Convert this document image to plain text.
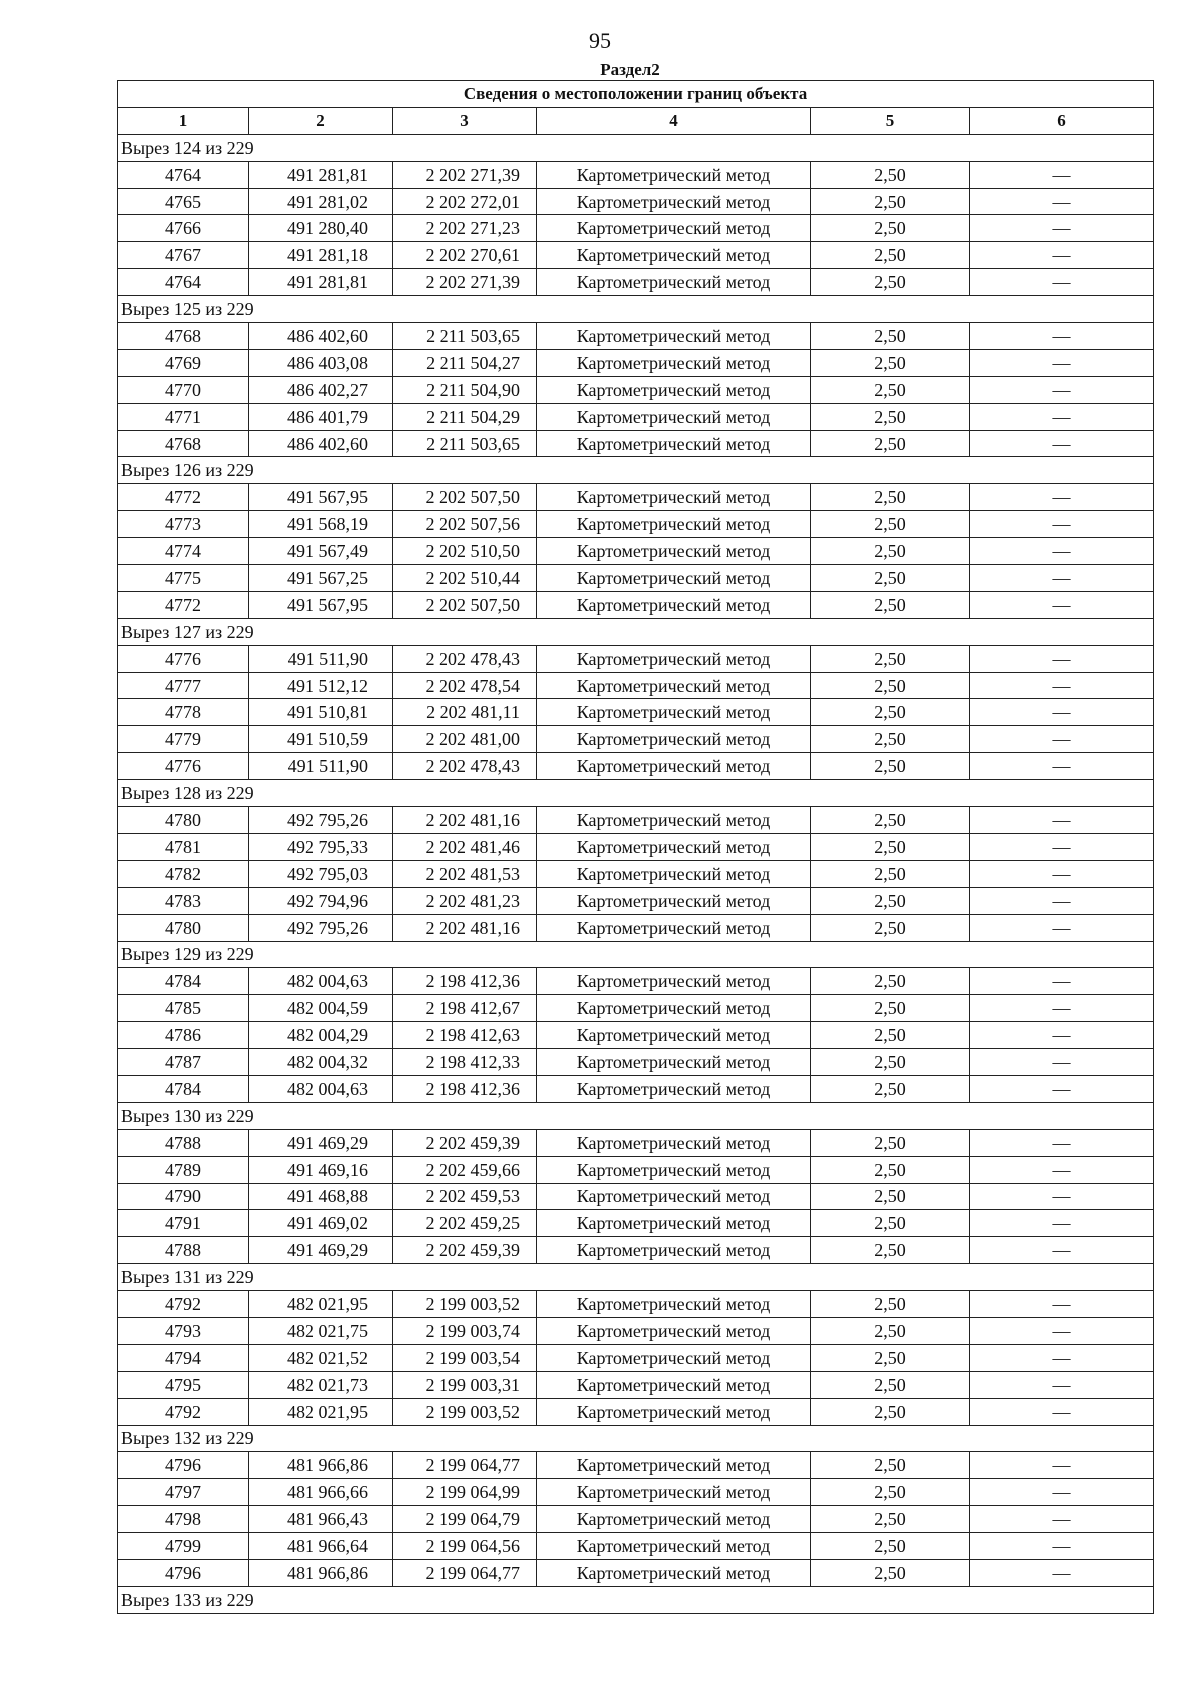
95
Раздел2
Сведения о местоположении границ объекта					
1	2	3	4	5	6
Вырез 124 из 229					
4764	491 281,81	2 202 271,39	Картометрический метод	2,50	—
4765	491 281,02	2 202 272,01	Картометрический метод	2,50	—
4766	491 280,40	2 202 271,23	Картометрический метод	2,50	—
4767	491 281,18	2 202 270,61	Картометрический метод	2,50	—
4764	491 281,81	2 202 271,39	Картометрический метод	2,50	—
Вырез 125 из 229					
4768	486 402,60	2 211 503,65	Картометрический метод	2,50	—
4769	486 403,08	2 211 504,27	Картометрический метод	2,50	—
4770	486 402,27	2 211 504,90	Картометрический метод	2,50	—
4771	486 401,79	2 211 504,29	Картометрический метод	2,50	—
4768	486 402,60	2 211 503,65	Картометрический метод	2,50	—
Вырез 126 из 229					
4772	491 567,95	2 202 507,50	Картометрический метод	2,50	—
4773	491 568,19	2 202 507,56	Картометрический метод	2,50	—
4774	491 567,49	2 202 510,50	Картометрический метод	2,50	—
4775	491 567,25	2 202 510,44	Картометрический метод	2,50	—
4772	491 567,95	2 202 507,50	Картометрический метод	2,50	—
Вырез 127 из 229					
4776	491 511,90	2 202 478,43	Картометрический метод	2,50	—
4777	491 512,12	2 202 478,54	Картометрический метод	2,50	—
4778	491 510,81	2 202 481,11	Картометрический метод	2,50	—
4779	491 510,59	2 202 481,00	Картометрический метод	2,50	—
4776	491 511,90	2 202 478,43	Картометрический метод	2,50	—
Вырез 128 из 229					
4780	492 795,26	2 202 481,16	Картометрический метод	2,50	—
4781	492 795,33	2 202 481,46	Картометрический метод	2,50	—
4782	492 795,03	2 202 481,53	Картометрический метод	2,50	—
4783	492 794,96	2 202 481,23	Картометрический метод	2,50	—
4780	492 795,26	2 202 481,16	Картометрический метод	2,50	—
Вырез 129 из 229					
4784	482 004,63	2 198 412,36	Картометрический метод	2,50	—
4785	482 004,59	2 198 412,67	Картометрический метод	2,50	—
4786	482 004,29	2 198 412,63	Картометрический метод	2,50	—
4787	482 004,32	2 198 412,33	Картометрический метод	2,50	—
4784	482 004,63	2 198 412,36	Картометрический метод	2,50	—
Вырез 130 из 229					
4788	491 469,29	2 202 459,39	Картометрический метод	2,50	—
4789	491 469,16	2 202 459,66	Картометрический метод	2,50	—
4790	491 468,88	2 202 459,53	Картометрический метод	2,50	—
4791	491 469,02	2 202 459,25	Картометрический метод	2,50	—
4788	491 469,29	2 202 459,39	Картометрический метод	2,50	—
Вырез 131 из 229					
4792	482 021,95	2 199 003,52	Картометрический метод	2,50	—
4793	482 021,75	2 199 003,74	Картометрический метод	2,50	—
4794	482 021,52	2 199 003,54	Картометрический метод	2,50	—
4795	482 021,73	2 199 003,31	Картометрический метод	2,50	—
4792	482 021,95	2 199 003,52	Картометрический метод	2,50	—
Вырез 132 из 229					
4796	481 966,86	2 199 064,77	Картометрический метод	2,50	—
4797	481 966,66	2 199 064,99	Картометрический метод	2,50	—
4798	481 966,43	2 199 064,79	Картометрический метод	2,50	—
4799	481 966,64	2 199 064,56	Картометрический метод	2,50	—
4796	481 966,86	2 199 064,77	Картометрический метод	2,50	—
Вырез 133 из 229					
